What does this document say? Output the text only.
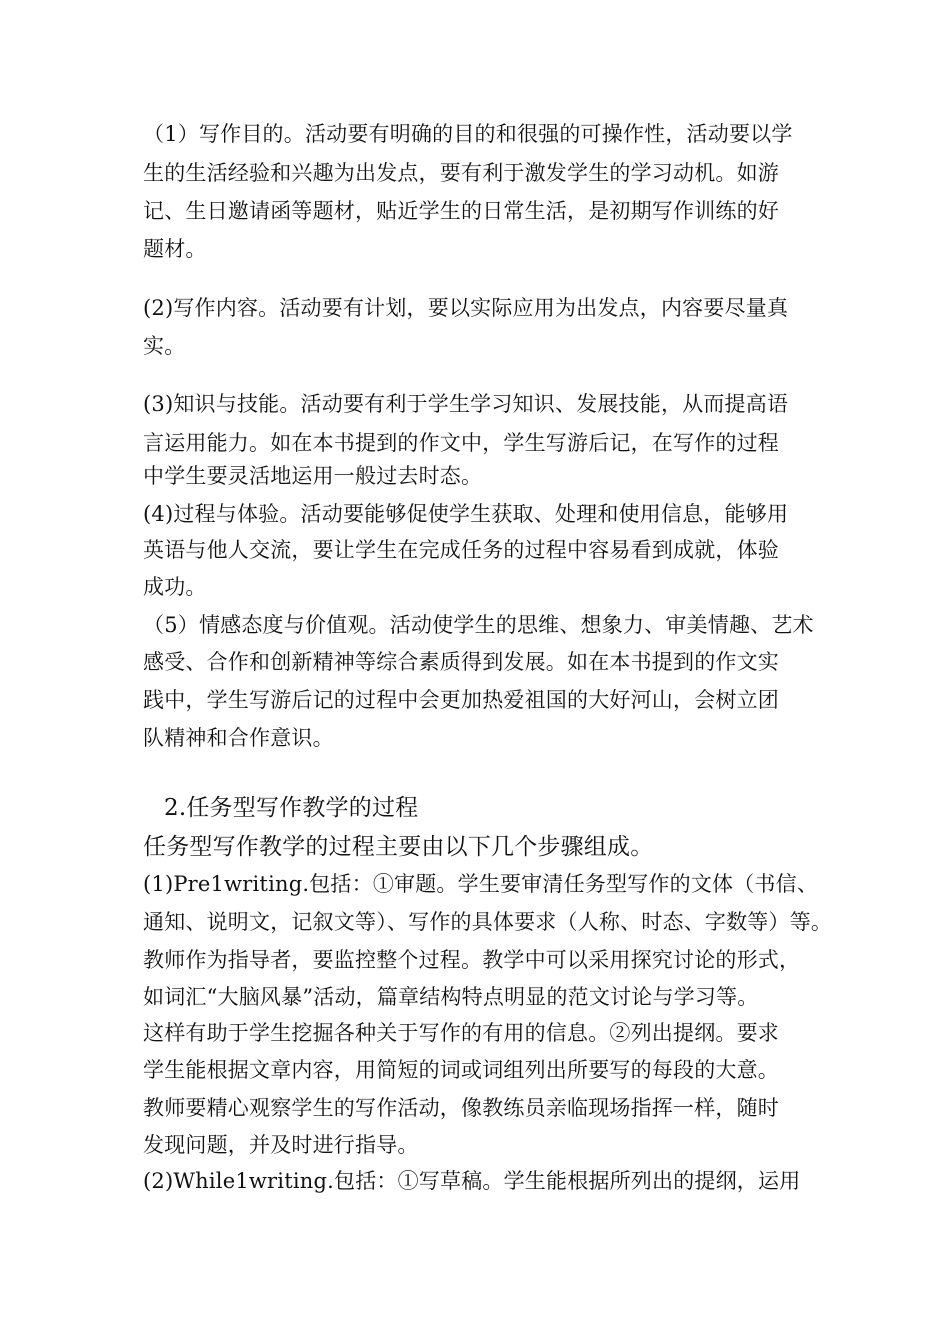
（1）写作目的。活动要有明确的目的和很强的可操作性，活动要以学
生的生活经验和兴趣为出发点，要有利于激发学生的学习动机。如游
记、生日邀请函等题材，贴近学生的日常生活，是初期写作训练的好
题材。
(2)写作内容。活动要有计划，要以实际应用为出发点，内容要尽量真
实。
(3)知识与技能。活动要有利于学生学习知识、发展技能，从而提高语
言运用能力。如在本书提到的作文中，学生写游后记，在写作的过程
中学生要灵活地运用一般过去时态。
(4)过程与体验。活动要能够促使学生获取、处理和使用信息，能够用
英语与他人交流，要让学生在完成任务的过程中容易看到成就，体验
成功。
（5）情感态度与价值观。活动使学生的思维、想象力、审美情趣、艺术
感受、合作和创新精神等综合素质得到发展。如在本书提到的作文实
践中，学生写游后记的过程中会更加热爱祖国的大好河山，会树立团
队精神和合作意识。
2.任务型写作教学的过程
任务型写作教学的过程主要由以下几个步骤组成。
(1)Pre1writing.包括：①审题。学生要审清任务型写作的文体（书信、
通知、说明文，记叙文等）、写作的具体要求（人称、时态、字数等）等。
教师作为指导者，要监控整个过程。教学中可以采用探究讨论的形式，
如词汇“大脑风暴”活动，篇章结构特点明显的范文讨论与学习等。
这样有助于学生挖掘各种关于写作的有用的信息。②列出提纲。要求
学生能根据文章内容，用简短的词或词组列出所要写的每段的大意。
教师要精心观察学生的写作活动，像教练员亲临现场指挥一样，随时
发现问题，并及时进行指导。
(2)While1writing.包括：①写草稿。学生能根据所列出的提纲，运用
